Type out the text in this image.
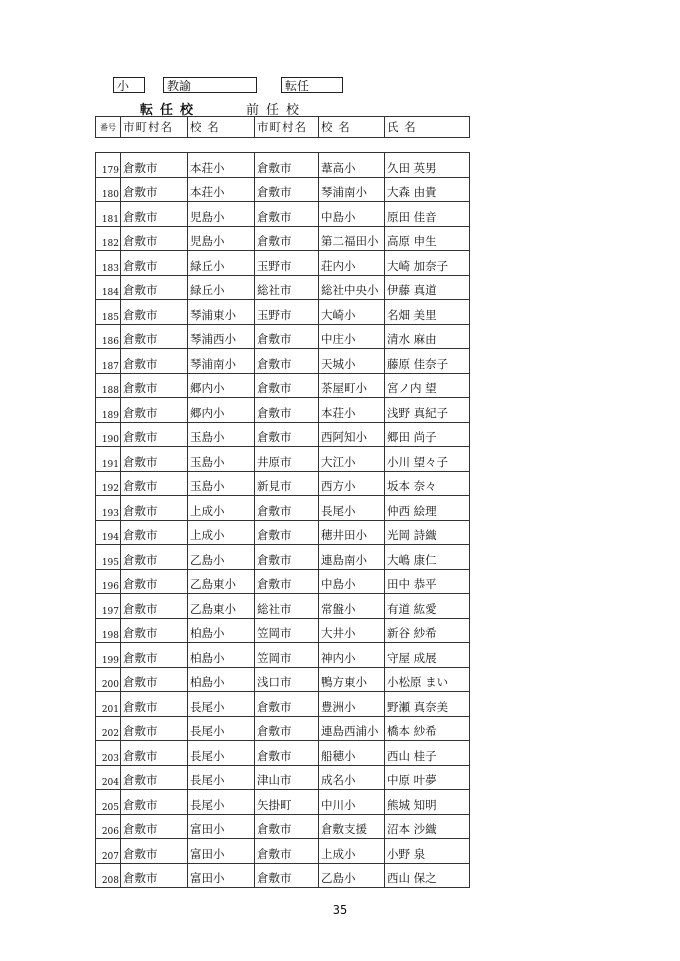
小	教諭	転任
転任校	前任校
番号	市町村名	校 名	市町村名	校 名	氏 名

179	倉敷市	本荘小	倉敷市	葦高小	久田 英男
180	倉敷市	本荘小	倉敷市	琴浦南小	大森 由貴
181	倉敷市	児島小	倉敷市	中島小	原田 佳音
182	倉敷市	児島小	倉敷市	第二福田小	高原 申生
183	倉敷市	緑丘小	玉野市	荘内小	大崎 加奈子
184	倉敷市	緑丘小	総社市	総社中央小	伊藤 真道
185	倉敷市	琴浦東小	玉野市	大崎小	名畑 美里
186	倉敷市	琴浦西小	倉敷市	中庄小	清水 麻由
187	倉敷市	琴浦南小	倉敷市	天城小	藤原 佳奈子
188	倉敷市	郷内小	倉敷市	茶屋町小	宮ノ内 望
189	倉敷市	郷内小	倉敷市	本荘小	浅野 真紀子
190	倉敷市	玉島小	倉敷市	西阿知小	郷田 尚子
191	倉敷市	玉島小	井原市	大江小	小川 望々子
192	倉敷市	玉島小	新見市	西方小	坂本 奈々
193	倉敷市	上成小	倉敷市	長尾小	仲西 絵理
194	倉敷市	上成小	倉敷市	穂井田小	光岡 詩織
195	倉敷市	乙島小	倉敷市	連島南小	大嶋 康仁
196	倉敷市	乙島東小	倉敷市	中島小	田中 恭平
197	倉敷市	乙島東小	総社市	常盤小	有道 紘愛
198	倉敷市	柏島小	笠岡市	大井小	新谷 紗希
199	倉敷市	柏島小	笠岡市	神内小	守屋 成展
200	倉敷市	柏島小	浅口市	鴨方東小	小松原 まい
201	倉敷市	長尾小	倉敷市	豊洲小	野瀬 真奈美
202	倉敷市	長尾小	倉敷市	連島西浦小	橋本 紗希
203	倉敷市	長尾小	倉敷市	船穂小	西山 桂子
204	倉敷市	長尾小	津山市	成名小	中原 叶夢
205	倉敷市	長尾小	矢掛町	中川小	熊城 知明
206	倉敷市	富田小	倉敷市	倉敷支援	沼本 沙織
207	倉敷市	富田小	倉敷市	上成小	小野 泉
208	倉敷市	富田小	倉敷市	乙島小	西山 保之
35
